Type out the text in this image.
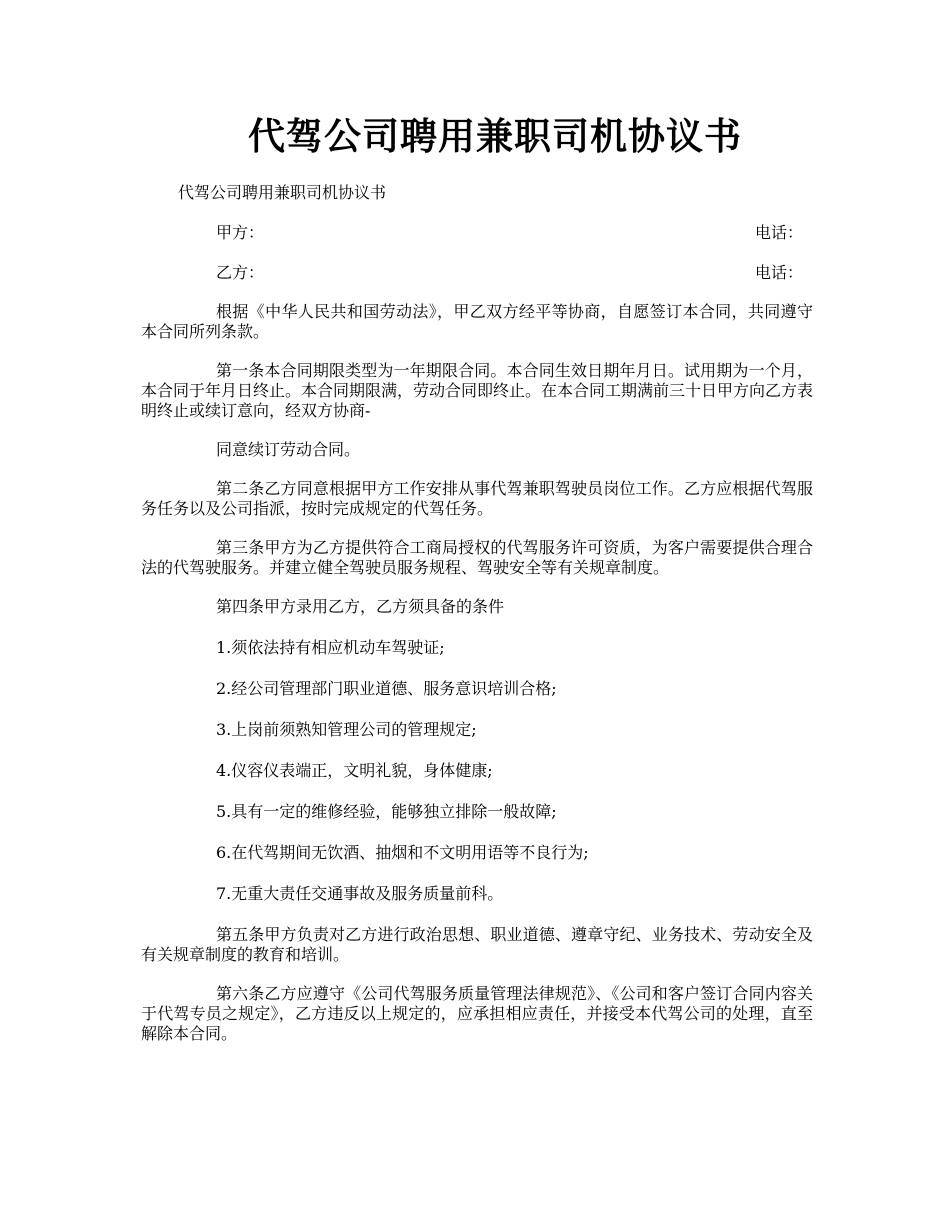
代驾公司聘用兼职司机协议书
代驾公司聘用兼职司机协议书
甲方：	电话：
乙方：	电话：

根据《中华人民共和国劳动法》，甲乙双方经平等协商，自愿签订本合同，共同遵守本合同所列条款。

第一条本合同期限类型为一年期限合同。本合同生效日期年月日。试用期为一个月，本合同于年月日终止。本合同期限满，劳动合同即终止。在本合同工期满前三十日甲方向乙方表明终止或续订意向，经双方协商-

同意续订劳动合同。

第二条乙方同意根据甲方工作安排从事代驾兼职驾驶员岗位工作。乙方应根据代驾服务任务以及公司指派，按时完成规定的代驾任务。

第三条甲方为乙方提供符合工商局授权的代驾服务许可资质，为客户需要提供合理合法的代驾驶服务。并建立健全驾驶员服务规程、驾驶安全等有关规章制度。

第四条甲方录用乙方，乙方须具备的条件

1.须依法持有相应机动车驾驶证;

2.经公司管理部门职业道德、服务意识培训合格;

3.上岗前须熟知管理公司的管理规定;

4.仪容仪表端正，文明礼貌，身体健康;

5.具有一定的维修经验，能够独立排除一般故障;

6.在代驾期间无饮酒、抽烟和不文明用语等不良行为;

7.无重大责任交通事故及服务质量前科。

第五条甲方负责对乙方进行政治思想、职业道德、遵章守纪、业务技术、劳动安全及有关规章制度的教育和培训。

第六条乙方应遵守《公司代驾服务质量管理法律规范》、《公司和客户签订合同内容关于代驾专员之规定》，乙方违反以上规定的，应承担相应责任，并接受本代驾公司的处理，直至解除本合同。
